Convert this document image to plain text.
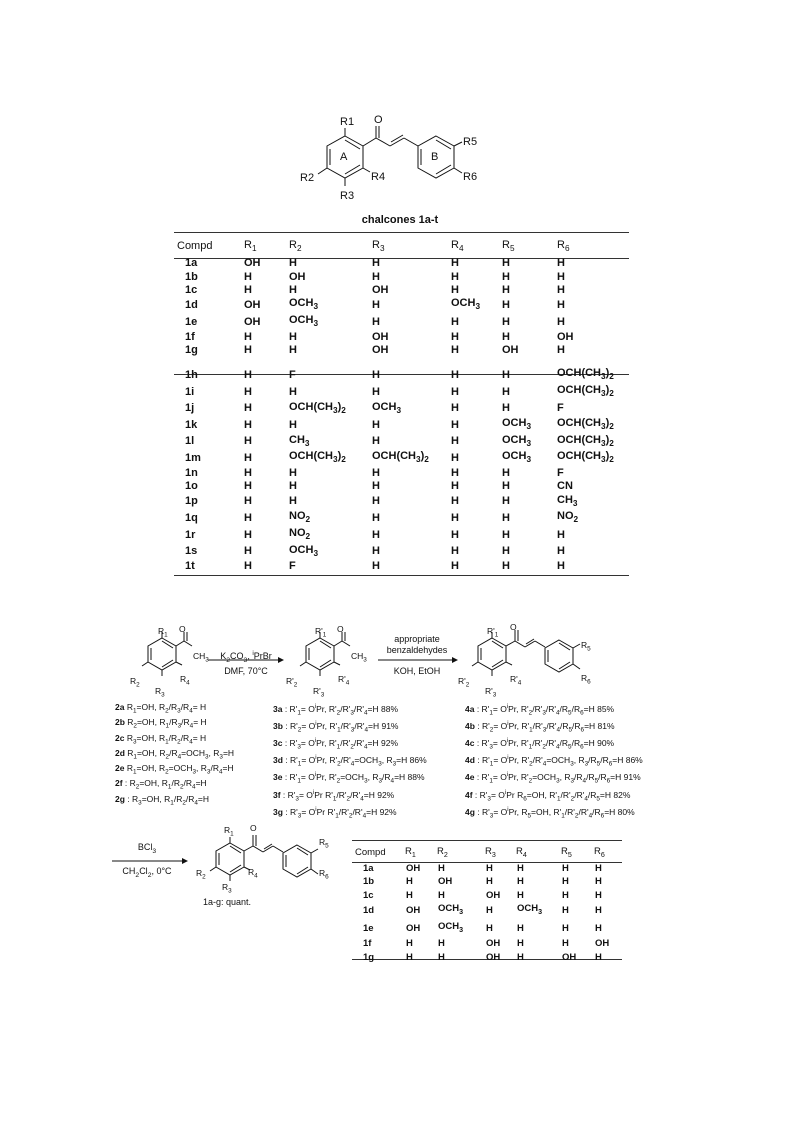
O
A	B
R1
R2
R3
R4
R5
R6
chalcones 1a-t
Compd	$R_1$	$R_2$	$R_3$	$R_4$	$R_5$	$R_6$
1a	OH	H	H	H	H	H
1b	H	OH	H	H	H	H
1c	H	H	OH	H	H	H
1d	OH	$OCH_3$	H	$OCH_3$	H	H
1e	OH	$OCH_3$	H	H	H	H
1f	H	H	OH	H	H	OH
1g	H	H	OH	H	OH	H

1h	H	F	H	H	H	$OCH(CH_3)_2$
1i	H	H	H	H	H	$OCH(CH_3)_2$
1j	H	$OCH(CH_3)_2$	$OCH_3$	H	H	F
1k	H	H	H	H	$OCH_3$	$OCH(CH_3)_2$
1l	H	$CH_3$	H	H	$OCH_3$	$OCH(CH_3)_2$
1m	H	$OCH(CH_3)_2$	$OCH(CH_3)_2$	H	$OCH_3$	$OCH(CH_3)_2$
1n	H	H	H	H	H	F
1o	H	H	H	H	H	CN
1p	H	H	H	H	H	$CH_3$
1q	H	$NO_2$	H	H	H	$NO_2$
1r	H	$NO_2$	H	H	H	H
1s	H	$OCH_3$	H	H	H	H
1t	H	F	H	H	H	H
$R_1$
O
$CH_3$
$R_2$
$R_3$
$R_4$
$K_2CO_3$, $^i$PrBr
DMF, 70°C
$R'_1$
O
$CH_3$
$R'_2$
$R'_3$
$R'_4$
appropriate
benzaldehydes
KOH, EtOH
$R'_1$
O
$R'_2$
$R'_3$
$R'_4$
$R_5$
$R_6$
2a $R_1=OH$, $R_2/R_3/R_4= H$
2b $R_2=OH$, $R_1/R_3/R_4= H$
2c $R_3=OH$, $R_1/R_2/R_4= H$
2d $R_1=OH$, $R_2/R_4=OCH_3$, $R_3=H$
2e $R_1=OH$, $R_2=OCH_3$, $R_3/R_4=H$
2f : $R_2=OH$, $R_1/R_2/R_4=H$
2g : $R_3=OH$, $R_1/R_2/R_4=H$
3a : $R'_1= O^iPr$, $R'_2/R'_3/R'_4=H$ 88%
3b : $R'_2= O^iPr$, $R'_1/R'_3/R'_4=H$ 91%
3c : $R'_3= O^iPr$, $R'_1/R'_2/R'_4=H$ 92%
3d : $R'_1= O^iPr$, $R'_2/R'_4=OCH_3$, $R_3=H$ 86%
3e : $R'_1= O^iPr$, $R'_2=OCH_3$, $R_3/R_4=H$ 88%
3f : $R'_3= O^iPr$ $R'_1/R'_2/R'_4=H$ 92%
3g : $R'_3= O^iPr$ $R'_1/R'_2/R'_4=H$ 92%
4a : $R'_1= O^iPr$, $R'_2/R'_3/R'_4/R_5/R_6=H$ 85%
4b : $R'_2= O^iPr$, $R'_1/R'_3/R'_4/R_5/R_6=H$ 81%
4c : $R'_3= O^iPr$, $R'_1/R'_2/R'_4/R_5/R_6=H$ 90%
4d : $R'_1= O^iPr$, $R'_2/R'_4=OCH_3$, $R_3/R_5/R_6=H$ 86%
4e : $R'_1= O^iPr$, $R'_2=OCH_3$, $R_3/R_4/R_5/R_6=H$ 91%
4f : $R'_3= O^iPr$ $R_6=OH$, $R'_1/R'_2/R'_4/R_5=H$ 82%
4g : $R'_3= O^iPr$, $R_5=OH$, $R'_1/R'_2/R'_4/R_6=H$ 80%
BCl$_3$
$CH_2Cl_2$, 0°C
$R_1$
O
$R_2$
$R_3$
$R_4$
$R_5$
$R_6$
1a-g: quant.
Compd	$R_1$	$R_2$	$R_3$	$R_4$	$R_5$	$R_6$
1a	OH	H	H	H	H	H
1b	H	OH	H	H	H	H
1c	H	H	OH	H	H	H
1d	OH	$OCH_3$	H	$OCH_3$	H	H
1e	OH	$OCH_3$	H	H	H	H
1f	H	H	OH	H	H	OH
1g	H	H	OH	H	OH	H
